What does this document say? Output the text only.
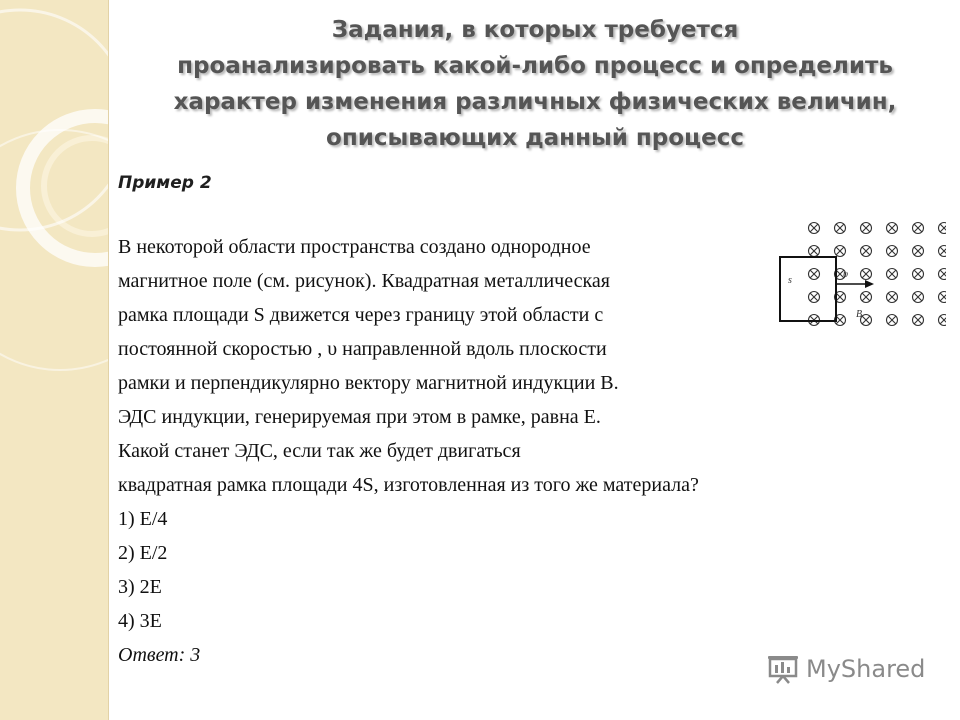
Задания, в которых требуется
проанализировать какой-либо процесс и определить
характер изменения различных физических величин,
описывающих данный процесс
Пример 2
В некоторой области пространства создано однородное
магнитное поле (см. рисунок). Квадратная металлическая
рамка площади S движется через границу этой области с
постоянной скоростью , υ направленной вдоль плоскости
рамки и перпендикулярно вектору магнитной индукции B.
ЭДС индукции, генерируемая при этом в рамке, равна Е.
Какой станет ЭДС, если так же будет двигаться
квадратная рамка площади 4S, изготовленная из того же материала?
1) Е/4
2) Е/2
3) 2Е
4) 3Е
Ответ: 3
s
υ
B
MyShared
